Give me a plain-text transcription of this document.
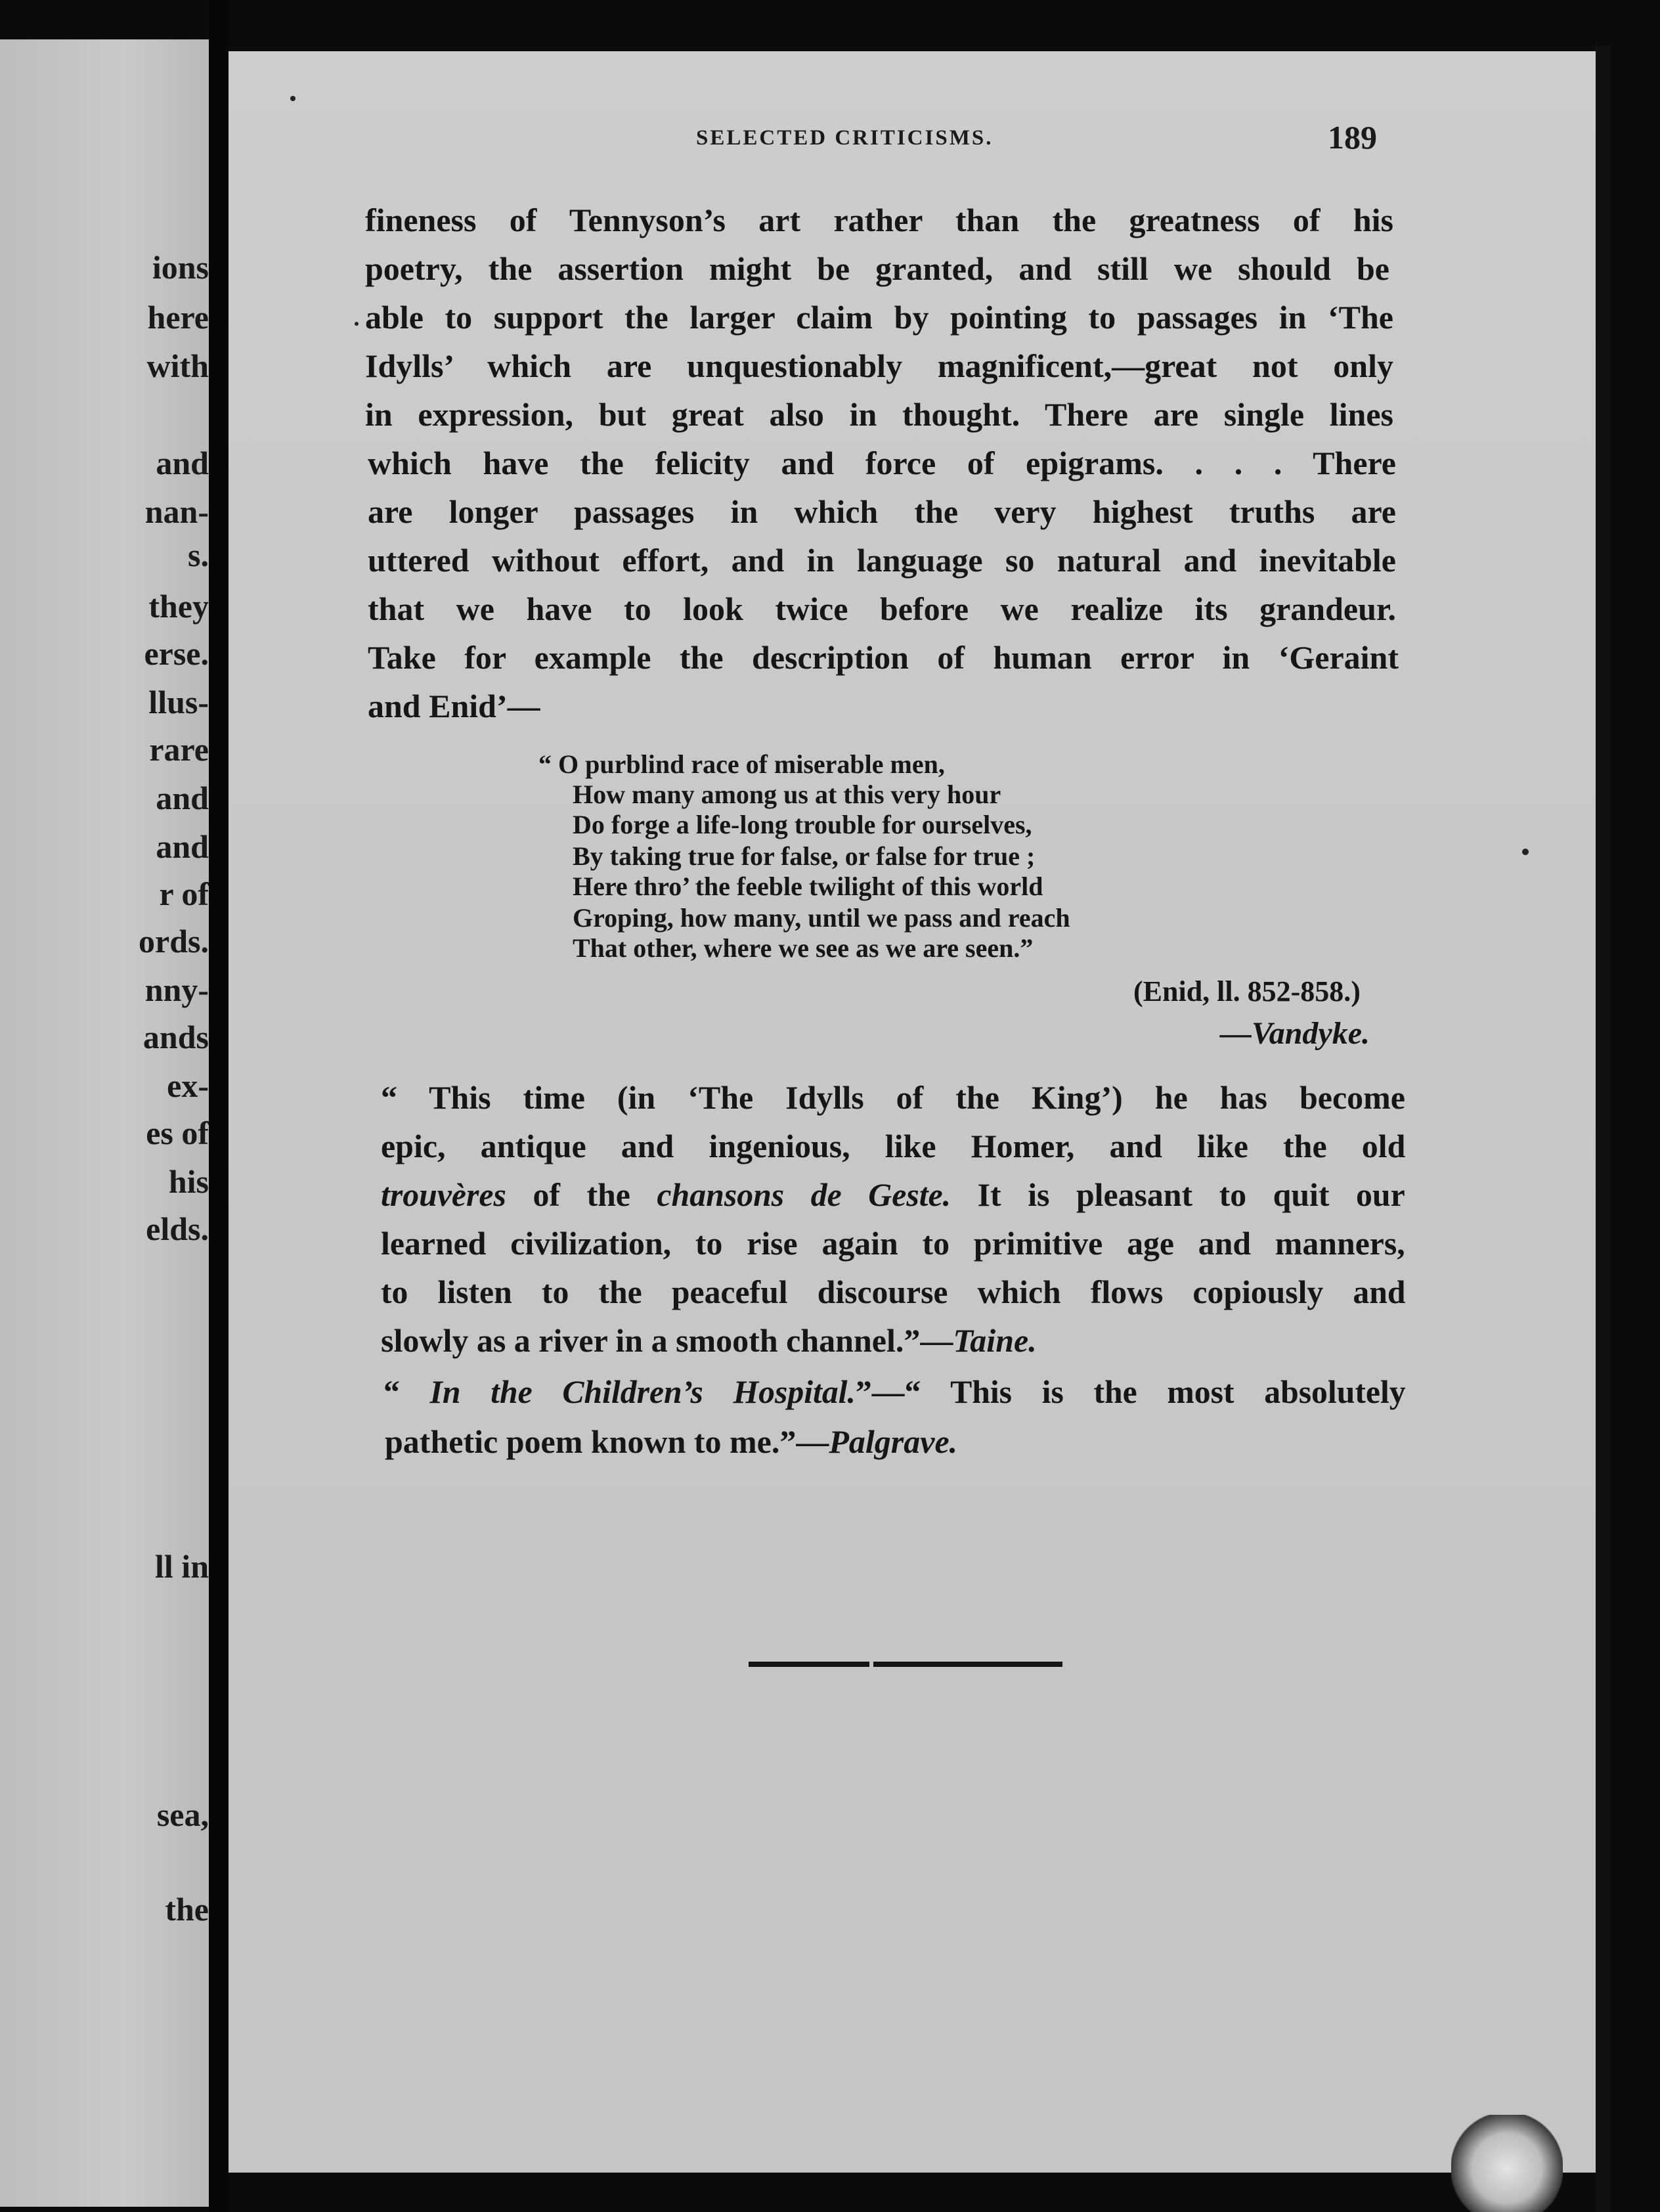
ions
here
with
and
nan-
s.
they
erse.
llus-
rare
and
and
r of
ords.
nny-
ands
ex-
es of
his
elds.
ll in
sea,
the
SELECTED CRITICISMS.	189
fineness of Tennyson’s art rather than the greatness of his
poetry, the assertion might be granted, and still we should be
able to support the larger claim by pointing to passages in ‘The
Idylls’ which are unquestionably magnificent,—great not only
in expression, but great also in thought. There are single lines
which have the felicity and force of epigrams. . . . There
are longer passages in which the very highest truths are
uttered without effort, and in language so natural and inevitable
that we have to look twice before we realize its grandeur.
Take for example the description of human error in ‘Geraint
and Enid’—
“ O purblind race of miserable men,
How many among us at this very hour
Do forge a life-long trouble for ourselves,
By taking true for false, or false for true ;
Here thro’ the feeble twilight of this world
Groping, how many, until we pass and reach
That other, where we see as we are seen.”
(Enid, ll. 852-858.)
—Vandyke.
“ This time (in ‘The Idylls of the King’) he has become
epic, antique and ingenious, like Homer, and like the old
trouvères of the chansons de Geste. It is pleasant to quit our
learned civilization, to rise again to primitive age and manners,
to listen to the peaceful discourse which flows copiously and
slowly as a river in a smooth channel.”—Taine.
“ In the Children’s Hospital.”—“ This is the most absolutely
pathetic poem known to me.”—Palgrave.
